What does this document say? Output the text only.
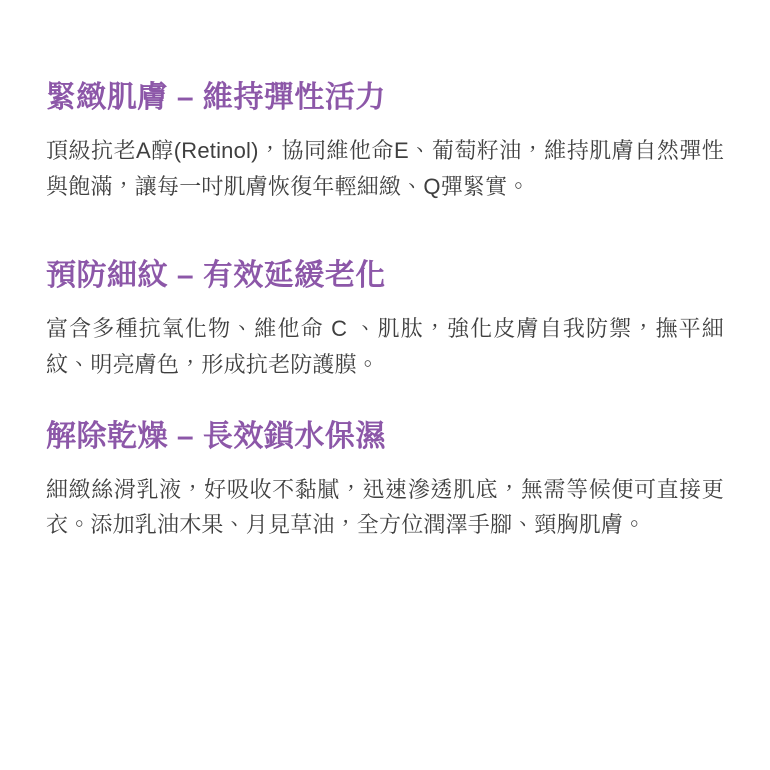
緊緻肌膚 – 維持彈性活力

頂級抗老A醇(Retinol)，協同維他命E、葡萄籽油，維持肌膚自然彈性與飽滿，讓每一吋肌膚恢復年輕細緻、Q彈緊實。

預防細紋 – 有效延緩老化

富含多種抗氧化物、維他命 C 、肌肽，強化皮膚自我防禦，撫平細紋、明亮膚色，形成抗老防護膜。

解除乾燥 – 長效鎖水保濕

細緻絲滑乳液，好吸收不黏膩，迅速滲透肌底，無需等候便可直接更衣。添加乳油木果、月見草油，全方位潤澤手腳、頸胸肌膚。
